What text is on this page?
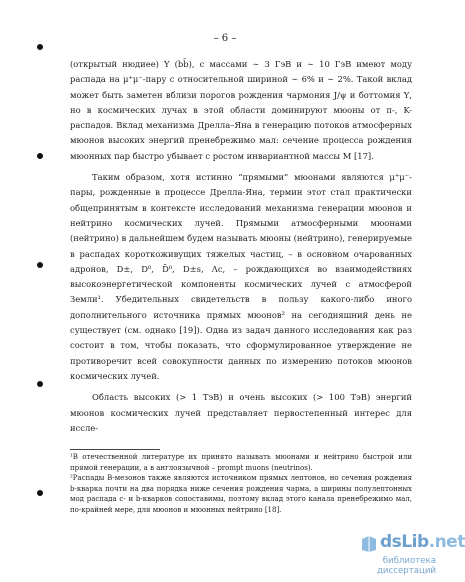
– 6 –

(открытый нюдиее) Υ (bb̄), с массами ∼ 3 ГэВ и ∼ 10 ГэВ имеют моду распада на μ⁺μ⁻-пару с относительной шириной ∼ 6% и ∼ 2%. Такой вклад может быть заметен вблизи порогов рождения чармония J/ψ и боттомия Υ, но в космических лучах в этой области доминируют мюоны от π-, K-распадов. Вклад механизма Дрелла–Яна в генерацию потоков атмосферных мюонов высоких энергий пренебрежимо мал: сечение процесса рождения мюонных пар быстро убывает с ростом инвариантной массы M [17].

Таким образом, хотя истинно “прямыми” мюонами являются μ⁺μ⁻-пары, рожденные в процессе Дрелла-Яна, термин этот стал практически общепринятым в контексте исследований механизма генерации мюонов и нейтрино космических лучей. Прямыми атмосферными мюонами (нейтрино) в дальнейшем будем называть мюоны (нейтрино), генерируемые в распадах короткоживущих тяжелых частиц, – в основном очарованных адронов, D±, D⁰, D̄⁰, D±s, Λc, – рождающихся во взаимодействиях высокоэнергетической компоненты космических лучей с атмосферой Земли¹. Убедительных свидетельств в пользу какого-либо иного дополнительного источника прямых мюонов² на сегодняшний день не существует (см. однако [19]). Одна из задач данного исследования как раз состоит в том, чтобы показать, что сформулированное утверждение не противоречит всей совокупности данных по измерению потоков мюонов космических лучей.

Область высоких (> 1 ТэВ) и очень высоких (> 100 ТэВ) энергий мюонов космических лучей представляет первостепенный интерес для иссле-

¹В отечественной литературе их принято называть мюонами и нейтрино быстрой или прямой генерации, а в англоязычной – prompt muons (neutrinos).

²Распады B-мезонов также являются источником прямых лептонов, но сечения рождения b-кварка почти на два порядка ниже сечения рождения чарма, а ширины полулептонных мод распада c- и b-кварков сопоставимы, поэтому вклад этого канала пренебрежимо мал, по-крайней мере, для мюонов и мюонных нейтрино [18].

dsLib.net
библиотека диссертаций
